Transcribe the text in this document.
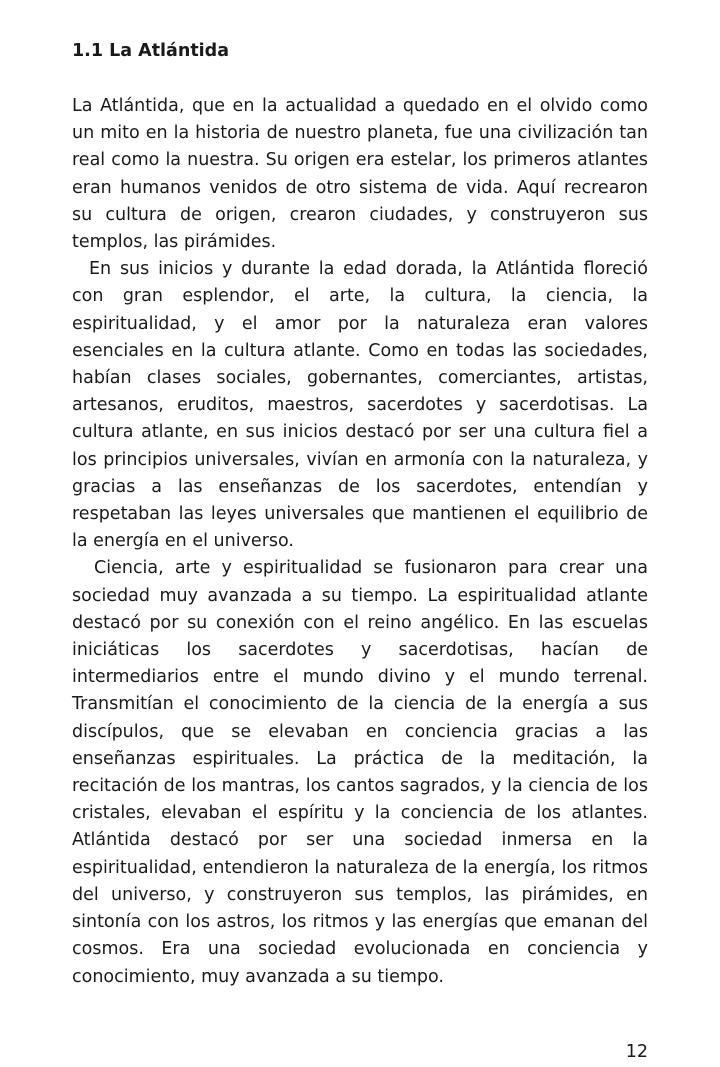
1.1 La Atlántida

La Atlántida, que en la actualidad a quedado en el olvido como un mito en la historia de nuestro planeta, fue una civilización tan real como la nuestra. Su origen era estelar, los primeros atlantes eran humanos venidos de otro sistema de vida. Aquí recrearon su cultura de origen, crearon ciudades, y construyeron sus templos, las pirámides.

En sus inicios y durante la edad dorada, la Atlántida floreció con gran esplendor, el arte, la cultura, la ciencia, la espiritualidad, y el amor por la naturaleza eran valores esenciales en la cultura atlante. Como en todas las sociedades, habían clases sociales, gobernantes, comerciantes, artistas, artesanos, eruditos, maestros, sacerdotes y sacerdotisas. La cultura atlante, en sus inicios destacó por ser una cultura fiel a los principios universales, vivían en armonía con la naturaleza, y gracias a las enseñanzas de los sacerdotes, entendían y respetaban las leyes universales que mantienen el equilibrio de la energía en el universo.

Ciencia, arte y espiritualidad se fusionaron para crear una sociedad muy avanzada a su tiempo. La espiritualidad atlante destacó por su conexión con el reino angélico. En las escuelas iniciáticas los sacerdotes y sacerdotisas, hacían de intermediarios entre el mundo divino y el mundo terrenal. Transmitían el conocimiento de la ciencia de la energía a sus discípulos, que se elevaban en conciencia gracias a las enseñanzas espirituales. La práctica de la meditación, la recitación de los mantras, los cantos sagrados, y la ciencia de los cristales, elevaban el espíritu y la conciencia de los atlantes. Atlántida destacó por ser una sociedad inmersa en la espiritualidad, entendieron la naturaleza de la energía, los ritmos del universo, y construyeron sus templos, las pirámides, en sintonía con los astros, los ritmos y las energías que emanan del cosmos. Era una sociedad evolucionada en conciencia y conocimiento, muy avanzada a su tiempo.

12
